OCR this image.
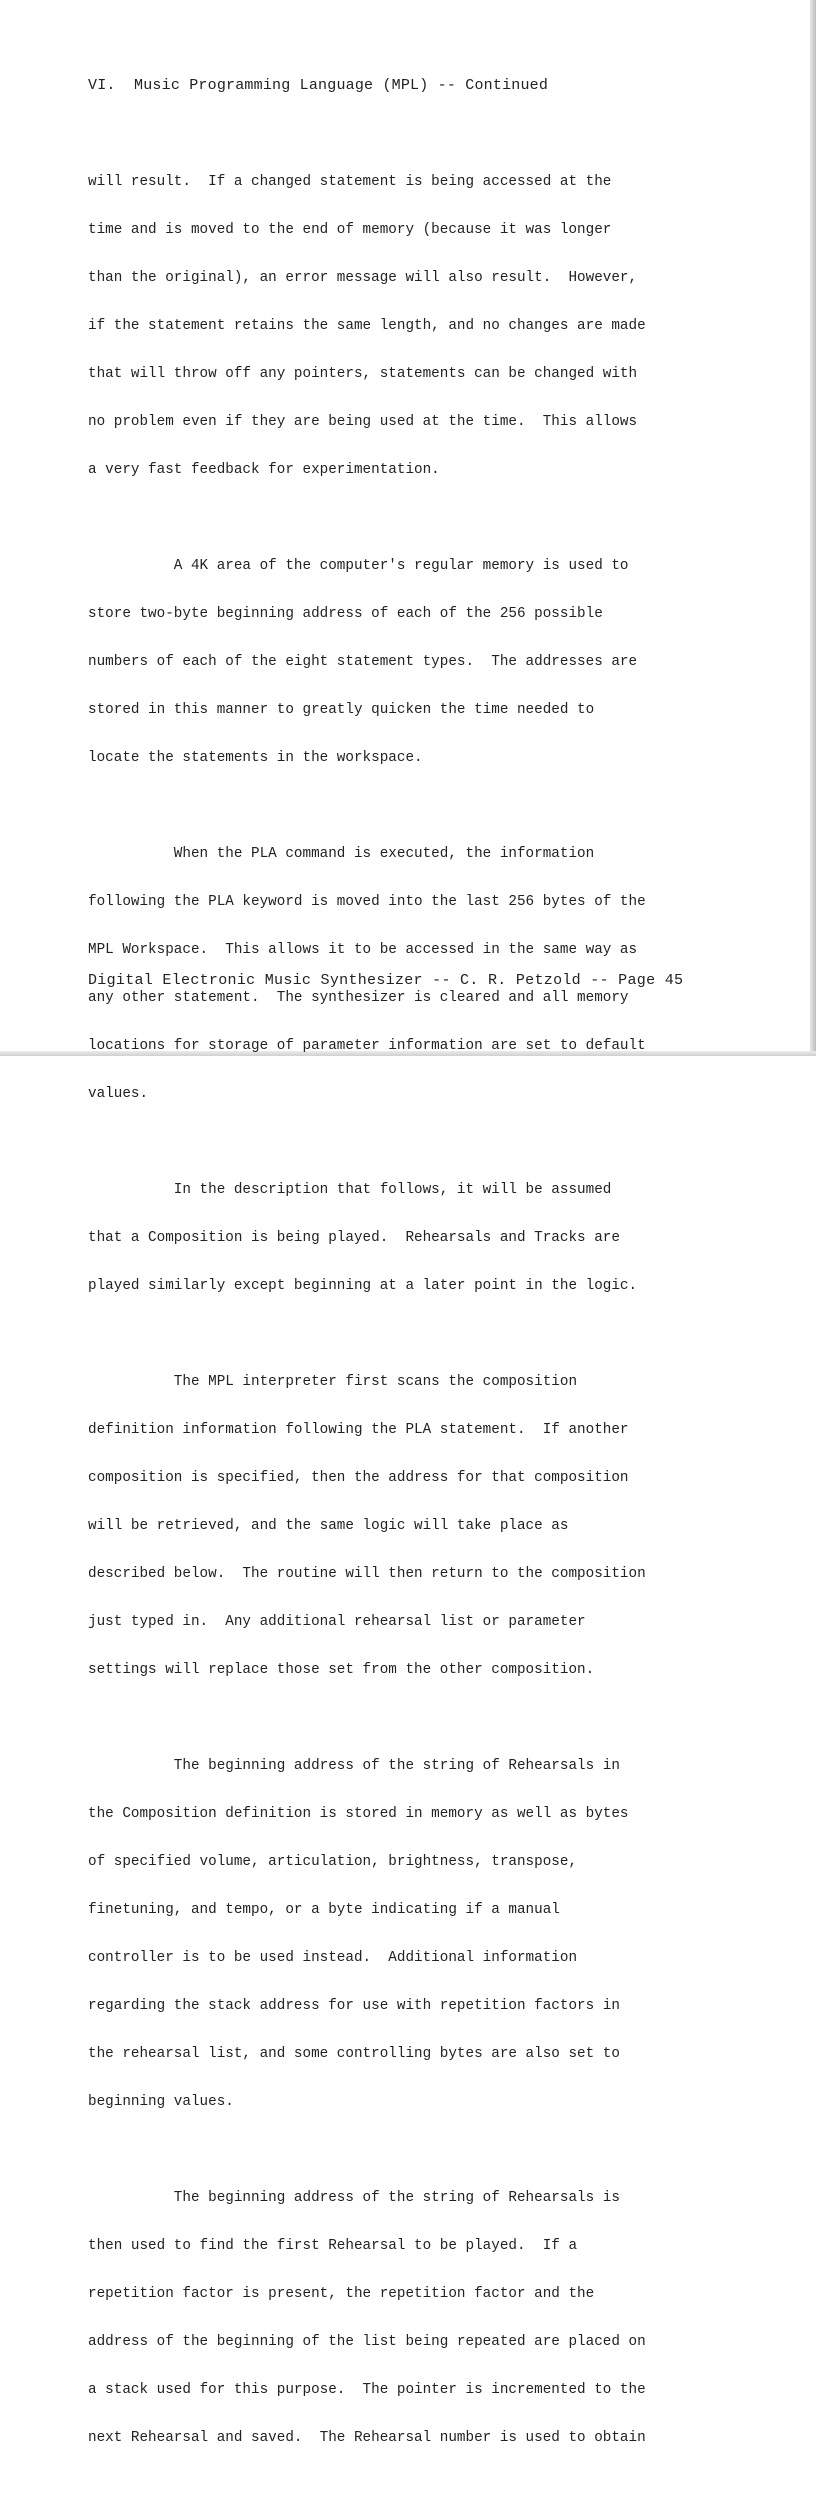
VI.  Music Programming Language (MPL) -- Continued

will result.  If a changed statement is being accessed at the

time and is moved to the end of memory (because it was longer

than the original), an error message will also result.  However,

if the statement retains the same length, and no changes are made

that will throw off any pointers, statements can be changed with

no problem even if they are being used at the time.  This allows

a very fast feedback for experimentation.

A 4K area of the computer's regular memory is used to

store two-byte beginning address of each of the 256 possible

numbers of each of the eight statement types.  The addresses are

stored in this manner to greatly quicken the time needed to

locate the statements in the workspace.

When the PLA command is executed, the information

following the PLA keyword is moved into the last 256 bytes of the

MPL Workspace.  This allows it to be accessed in the same way as

any other statement.  The synthesizer is cleared and all memory

locations for storage of parameter information are set to default

values.

In the description that follows, it will be assumed

that a Composition is being played.  Rehearsals and Tracks are

played similarly except beginning at a later point in the logic.

The MPL interpreter first scans the composition

definition information following the PLA statement.  If another

composition is specified, then the address for that composition

will be retrieved, and the same logic will take place as

described below.  The routine will then return to the composition

just typed in.  Any additional rehearsal list or parameter

settings will replace those set from the other composition.

The beginning address of the string of Rehearsals in

the Composition definition is stored in memory as well as bytes

of specified volume, articulation, brightness, transpose,

finetuning, and tempo, or a byte indicating if a manual

controller is to be used instead.  Additional information

regarding the stack address for use with repetition factors in

the rehearsal list, and some controlling bytes are also set to

beginning values.

The beginning address of the string of Rehearsals is

then used to find the first Rehearsal to be played.  If a

repetition factor is present, the repetition factor and the

address of the beginning of the list being repeated are placed on

a stack used for this purpose.  The pointer is incremented to the

next Rehearsal and saved.  The Rehearsal number is used to obtain

Digital Electronic Music Synthesizer -- C. R. Petzold -- Page 45
